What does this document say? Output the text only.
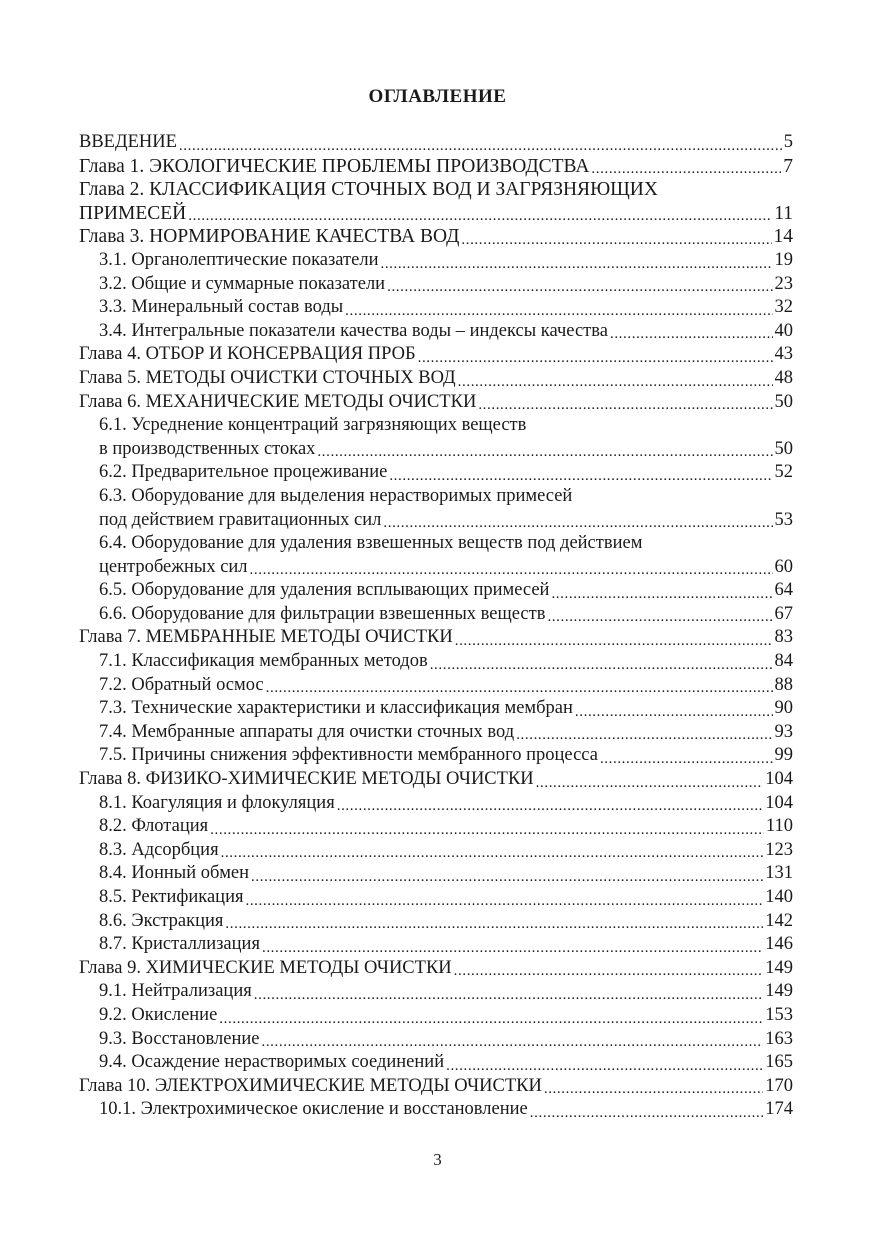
ОГЛАВЛЕНИЕ
ВВЕДЕНИЕ .....	5
Глава 1. ЭКОЛОГИЧЕСКИЕ ПРОБЛЕМЫ ПРОИЗВОДСТВА .....	7
Глава 2. КЛАССИФИКАЦИЯ СТОЧНЫХ ВОД И ЗАГРЯЗНЯЮЩИХ
ПРИМЕСЕЙ .....	11
Глава 3. НОРМИРОВАНИЕ КАЧЕСТВА ВОД .....	14
3.1. Органолептические показатели .....	19
3.2. Общие и суммарные показатели .....	23
3.3. Минеральный состав воды .....	32
3.4. Интегральные показатели качества воды – индексы качества .....	40
Глава 4. ОТБОР И КОНСЕРВАЦИЯ ПРОБ .....	43
Глава 5. МЕТОДЫ ОЧИСТКИ СТОЧНЫХ ВОД .....	48
Глава 6. МЕХАНИЧЕСКИЕ МЕТОДЫ ОЧИСТКИ .....	50
6.1. Усреднение концентраций загрязняющих веществ
в производственных стоках .....	50
6.2. Предварительное процеживание .....	52
6.3. Оборудование для выделения нерастворимых примесей
под действием гравитационных сил .....	53
6.4. Оборудование для удаления взвешенных веществ под действием
центробежных сил .....	60
6.5. Оборудование для удаления всплывающих примесей .....	64
6.6. Оборудование для фильтрации взвешенных веществ .....	67
Глава 7. МЕМБРАННЫЕ МЕТОДЫ ОЧИСТКИ .....	83
7.1. Классификация мембранных методов .....	84
7.2. Обратный осмос .....	88
7.3. Технические характеристики и классификация мембран .....	90
7.4. Мембранные аппараты для очистки сточных вод .....	93
7.5. Причины снижения эффективности мембранного процесса .....	99
Глава 8. ФИЗИКО-ХИМИЧЕСКИЕ МЕТОДЫ ОЧИСТКИ .....	104
8.1. Коагуляция и флокуляция .....	104
8.2. Флотация .....	110
8.3. Адсорбция .....	123
8.4. Ионный обмен .....	131
8.5. Ректификация .....	140
8.6. Экстракция .....	142
8.7. Кристаллизация .....	146
Глава 9. ХИМИЧЕСКИЕ МЕТОДЫ ОЧИСТКИ .....	149
9.1. Нейтрализация .....	149
9.2. Окисление .....	153
9.3. Восстановление .....	163
9.4. Осаждение нерастворимых соединений .....	165
Глава 10. ЭЛЕКТРОХИМИЧЕСКИЕ МЕТОДЫ ОЧИСТКИ .....	170
10.1. Электрохимическое окисление и восстановление .....	174
3
